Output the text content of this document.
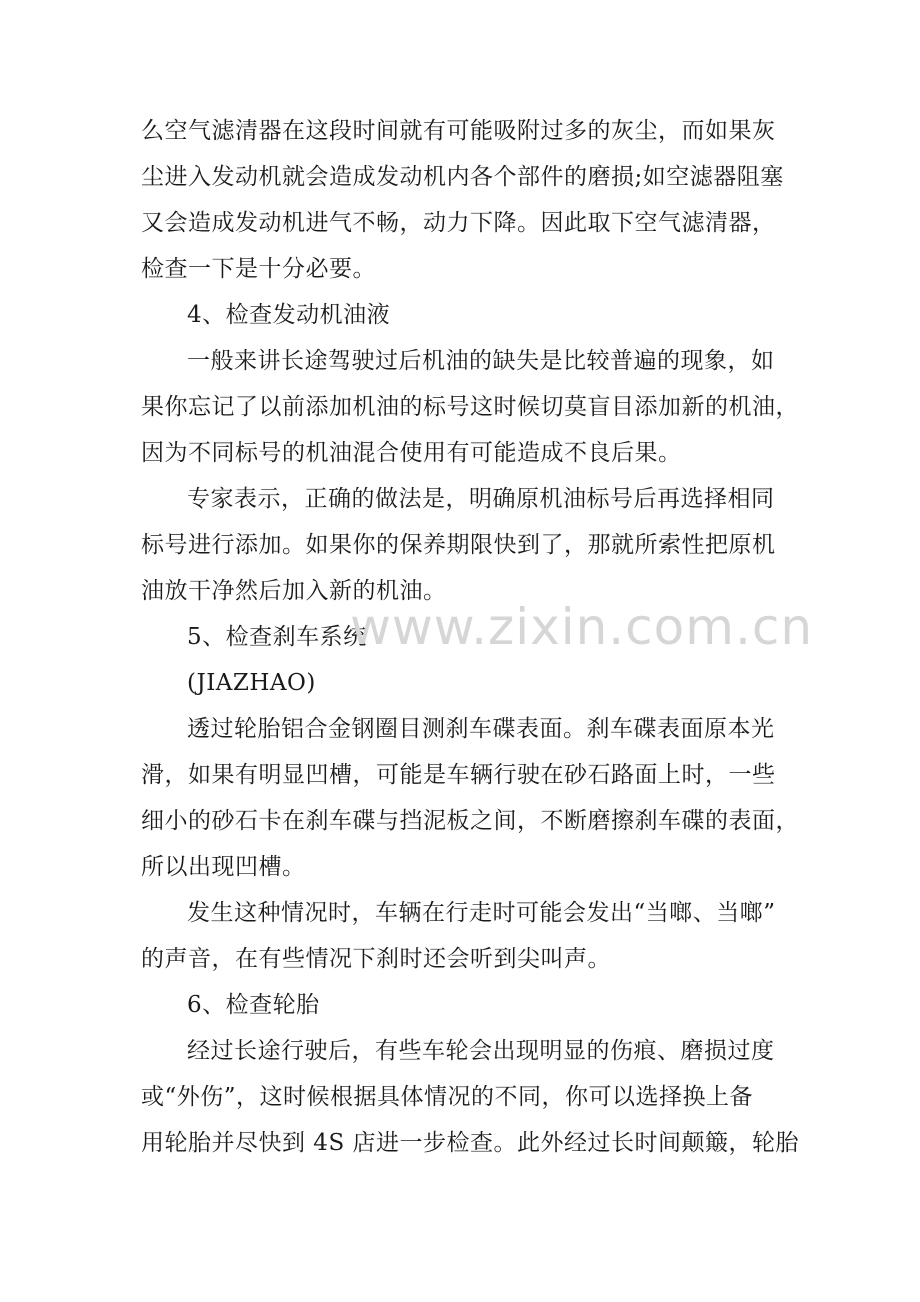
么空气滤清器在这段时间就有可能吸附过多的灰尘，而如果灰
尘进入发动机就会造成发动机内各个部件的磨损;如空滤器阻塞
又会造成发动机进气不畅，动力下降。因此取下空气滤清器，
检查一下是十分必要。
4、检查发动机油液
一般来讲长途驾驶过后机油的缺失是比较普遍的现象，如
果你忘记了以前添加机油的标号这时候切莫盲目添加新的机油，
因为不同标号的机油混合使用有可能造成不良后果。
专家表示，正确的做法是，明确原机油标号后再选择相同
标号进行添加。如果你的保养期限快到了，那就所索性把原机
油放干净然后加入新的机油。
5、检查刹车系统
(JIAZHAO)
透过轮胎铝合金钢圈目测刹车碟表面。刹车碟表面原本光
滑，如果有明显凹槽，可能是车辆行驶在砂石路面上时，一些
细小的砂石卡在刹车碟与挡泥板之间，不断磨擦刹车碟的表面，
所以出现凹槽。
发生这种情况时，车辆在行走时可能会发出“当啷、当啷”
的声音，在有些情况下刹时还会听到尖叫声。
6、检查轮胎
经过长途行驶后，有些车轮会出现明显的伤痕、磨损过度
或“外伤”，这时候根据具体情况的不同，你可以选择换上备
用轮胎并尽快到 4S 店进一步检查。此外经过长时间颠簸，轮胎
www.zixin.com.cn
